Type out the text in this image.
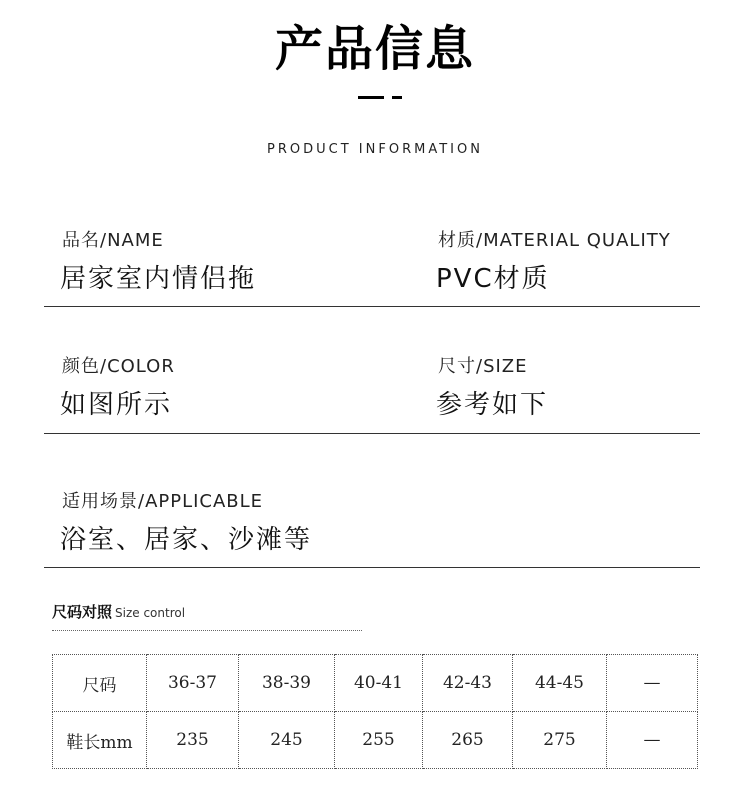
产品信息
PRODUCT INFORMATION
品名/NAME
居家室内情侣拖
材质/MATERIAL QUALITY
PVC材质
颜色/COLOR
如图所示
尺寸/SIZE
参考如下
适用场景/APPLICABLE
浴室、居家、沙滩等
尺码对照 Size control
尺码	36-37	38-39	40-41	42-43	44-45	—
鞋长mm	235	245	255	265	275	—
